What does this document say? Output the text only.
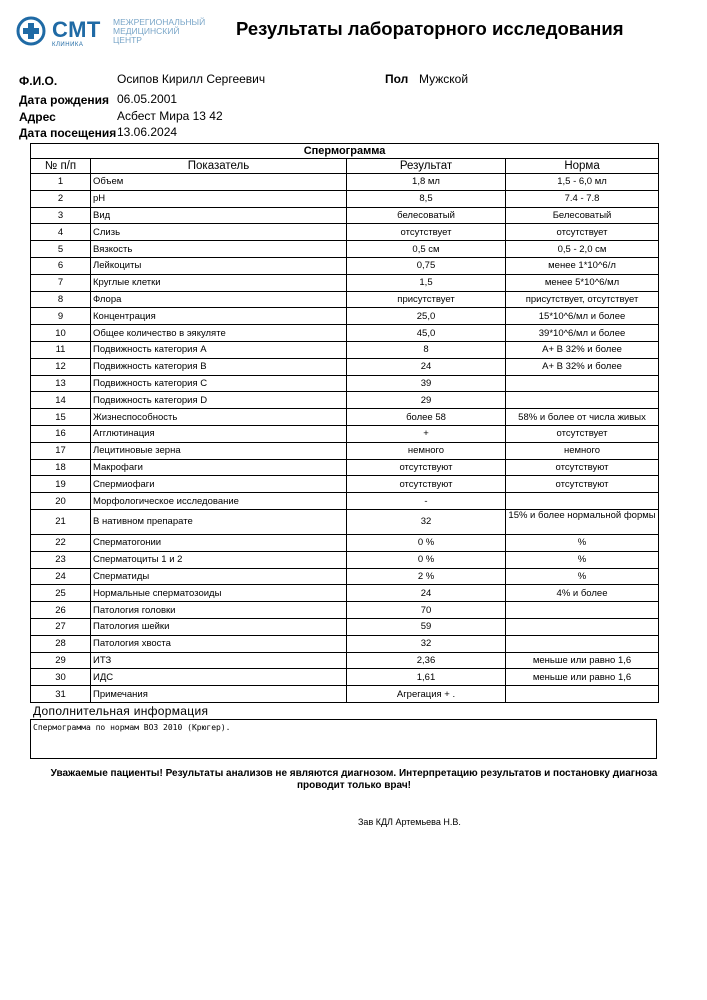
СМТ
КЛИНИКА
МЕЖРЕГИОНАЛЬНЫЙ
МЕДИЦИНСКИЙ
ЦЕНТР
Результаты лабораторного исследования
Ф.И.О.	Осипов Кирилл Сергеевич	Пол Мужской
Дата рождения 06.05.2001
Адрес	Асбест Мира 13 42
Дата посещения 13.06.2024
Спермограмма			
№ п/п	Показатель	Результат	Норма
1	Объем	1,8 мл	1,5 - 6,0 мл
2	pH	8,5	7.4 - 7.8
3	Вид	белесоватый	Белесоватый
4	Слизь	отсутствует	отсутствует
5	Вязкость	0,5 см	0,5 - 2,0 см
6	Лейкоциты	0,75	менее 1*10^6/л
7	Круглые клетки	1,5	менее 5*10^6/мл
8	Флора	присутствует	присутствует, отсутствует
9	Концентрация	25,0	15*10^6/мл и более
10	Общее количество в эякуляте	45,0	39*10^6/мл и более
11	Подвижность категория A	8	A+ B 32% и более
12	Подвижность категория B	24	A+ B 32% и более
13	Подвижность категория C	39	
14	Подвижность категория D	29	
15	Жизнеспособность	более 58	58% и более от числа живых
16	Агглютинация	+	отсутствует
17	Лецитиновые зерна	немного	немного
18	Макрофаги	отсутствуют	отсутствуют
19	Спермиофаги	отсутствуют	отсутствуют
20	Морфологическое исследование	-	
21	В нативном препарате	32	15% и более нормальной формы
22	Сперматогонии	0 %	%
23	Сперматоциты 1 и 2	0 %	%
24	Сперматиды	2 %	%
25	Нормальные сперматозоиды	24	4% и более
26	Патология головки	70	
27	Патология шейки	59	
28	Патология хвоста	32	
29	ИТЗ	2,36	меньше или равно 1,6
30	ИДС	1,61	меньше или равно 1,6
31	Примечания	Агрегация + .	
Дополнительная информация
Спермограмма по нормам ВОЗ 2010 (Крюгер).
Уважаемые пациенты! Результаты анализов не являются диагнозом. Интерпретацию результатов и постановку диагноза проводит только врач!
Зав КДЛ Артемьева Н.В.
